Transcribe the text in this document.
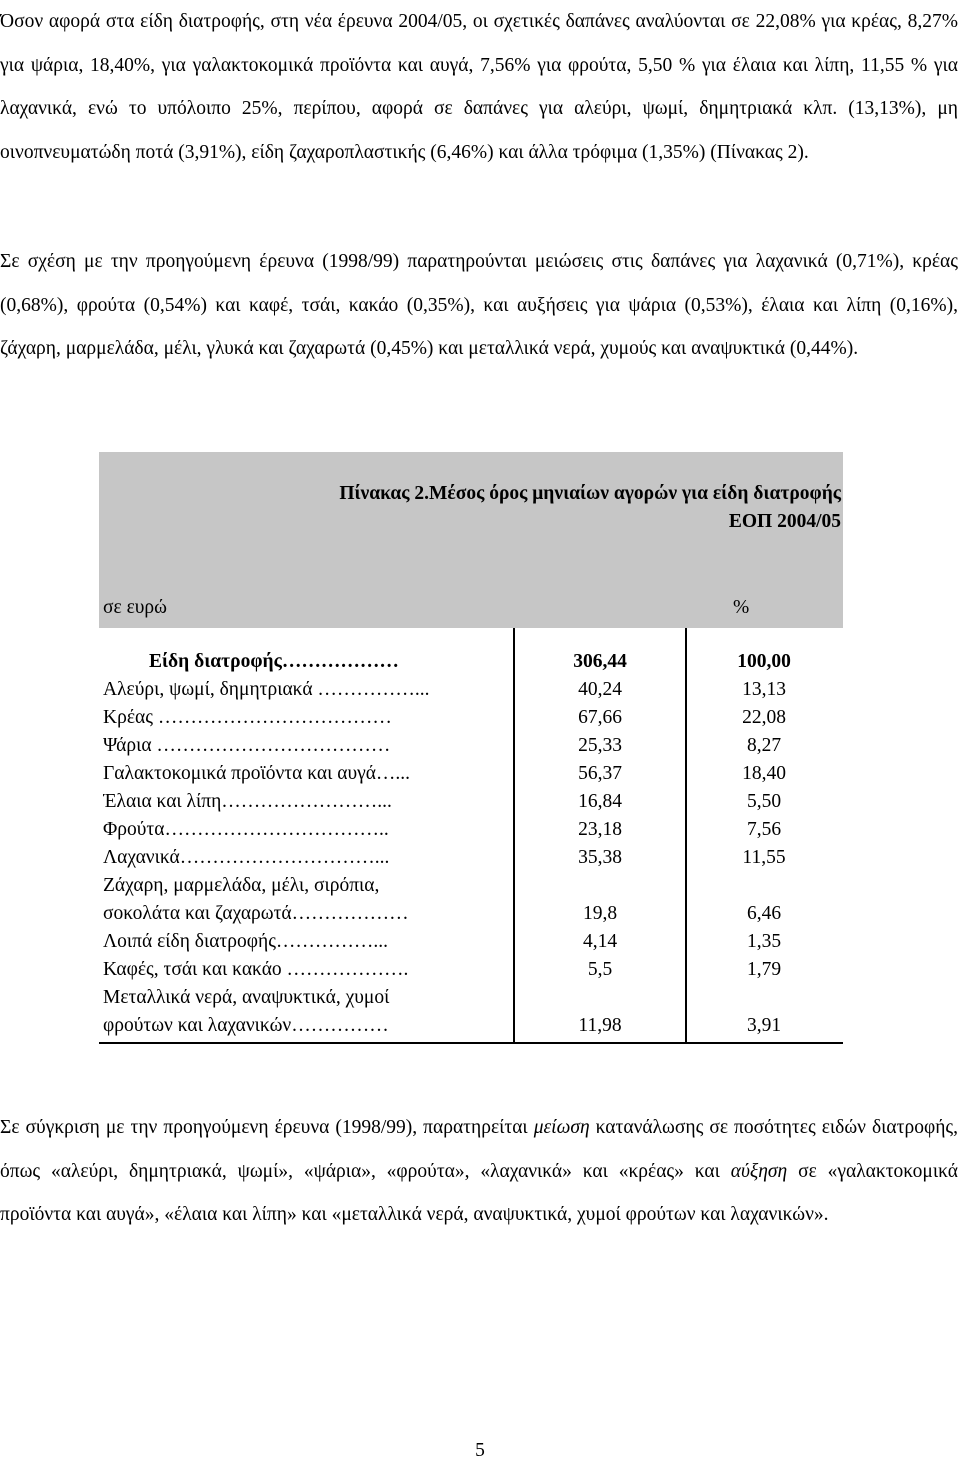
Όσον αφορά στα είδη διατροφής, στη νέα έρευνα 2004/05, οι σχετικές δαπάνες αναλύονται σε 22,08% για κρέας, 8,27% για ψάρια, 18,40%, για γαλακτοκομικά προϊόντα και αυγά, 7,56% για φρούτα, 5,50 % για έλαια και λίπη, 11,55 % για λαχανικά, ενώ το υπόλοιπο 25%, περίπου, αφορά σε δαπάνες για αλεύρι, ψωμί, δημητριακά κλπ. (13,13%), μη οινοπνευματώδη ποτά (3,91%), είδη ζαχαροπλαστικής (6,46%) και άλλα τρόφιμα (1,35%) (Πίνακας 2).

Σε σχέση με την προηγούμενη έρευνα (1998/99) παρατηρούνται μειώσεις στις δαπάνες για λαχανικά (0,71%), κρέας (0,68%), φρούτα (0,54%) και καφέ, τσάι, κακάο (0,35%), και αυξήσεις για ψάρια (0,53%), έλαια και λίπη (0,16%), ζάχαρη, μαρμελάδα, μέλι, γλυκά και ζαχαρωτά (0,45%) και μεταλλικά νερά, χυμούς και αναψυκτικά (0,44%).

Πίνακας 2.Μέσος όρος μηνιαίων αγορών για είδη διατροφής
ΕΟΠ 2004/05
σε ευρώ	%
Είδη διατροφής………………	306,44	100,00
Αλεύρι, ψωμί, δημητριακά ……………...	40,24	13,13
Κρέας ………………………………	67,66	22,08
Ψάρια ………………………………	25,33	8,27
Γαλακτοκομικά προϊόντα και αυγά…...	56,37	18,40
Έλαια και λίπη……………………...	16,84	5,50
Φρούτα……………………………..	23,18	7,56
Λαχανικά…………………………...	35,38	11,55
Ζάχαρη, μαρμελάδα, μέλι, σιρόπια,
σοκολάτα και ζαχαρωτά………………	19,8	6,46
Λοιπά είδη διατροφής……………...	4,14	1,35
Καφές, τσάι και κακάο ……………….	5,5	1,79
Μεταλλικά νερά, αναψυκτικά, χυμοί
φρούτων και λαχανικών……………	11,98	3,91

Σε σύγκριση με την προηγούμενη έρευνα (1998/99), παρατηρείται μείωση κατανάλωσης σε ποσότητες ειδών διατροφής, όπως «αλεύρι, δημητριακά, ψωμί», «ψάρια», «φρούτα», «λαχανικά» και «κρέας» και αύξηση σε «γαλακτοκομικά προϊόντα και αυγά», «έλαια και λίπη» και «μεταλλικά νερά, αναψυκτικά, χυμοί φρούτων και λαχανικών».

5
